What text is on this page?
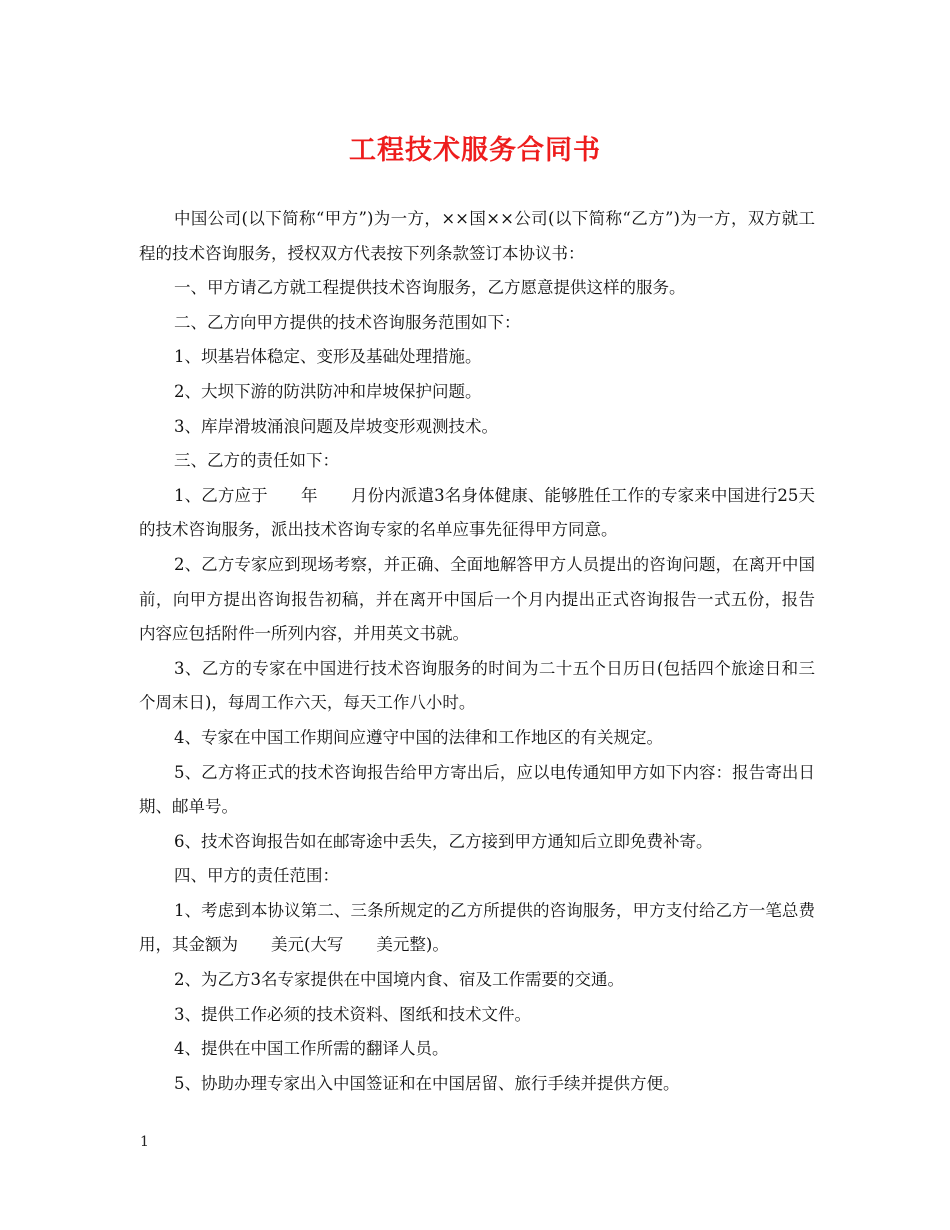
工程技术服务合同书

中国公司(以下简称“甲方”)为一方，××国××公司(以下简称“乙方”)为一方，双方就工程的技术咨询服务，授权双方代表按下列条款签订本协议书：

一、甲方请乙方就工程提供技术咨询服务，乙方愿意提供这样的服务。

二、乙方向甲方提供的技术咨询服务范围如下：

1、坝基岩体稳定、变形及基础处理措施。

2、大坝下游的防洪防冲和岸坡保护问题。

3、库岸滑坡涌浪问题及岸坡变形观测技术。

三、乙方的责任如下：

1、乙方应于　　年　　月份内派遣3名身体健康、能够胜任工作的专家来中国进行25天的技术咨询服务，派出技术咨询专家的名单应事先征得甲方同意。

2、乙方专家应到现场考察，并正确、全面地解答甲方人员提出的咨询问题，在离开中国前，向甲方提出咨询报告初稿，并在离开中国后一个月内提出正式咨询报告一式五份，报告内容应包括附件一所列内容，并用英文书就。

3、乙方的专家在中国进行技术咨询服务的时间为二十五个日历日(包括四个旅途日和三个周末日)，每周工作六天，每天工作八小时。

4、专家在中国工作期间应遵守中国的法律和工作地区的有关规定。

5、乙方将正式的技术咨询报告给甲方寄出后，应以电传通知甲方如下内容：报告寄出日期、邮单号。

6、技术咨询报告如在邮寄途中丢失，乙方接到甲方通知后立即免费补寄。

四、甲方的责任范围：

1、考虑到本协议第二、三条所规定的乙方所提供的咨询服务，甲方支付给乙方一笔总费用，其金额为　　美元(大写　　美元整)。

2、为乙方3名专家提供在中国境内食、宿及工作需要的交通。

3、提供工作必须的技术资料、图纸和技术文件。

4、提供在中国工作所需的翻译人员。

5、协助办理专家出入中国签证和在中国居留、旅行手续并提供方便。

1
